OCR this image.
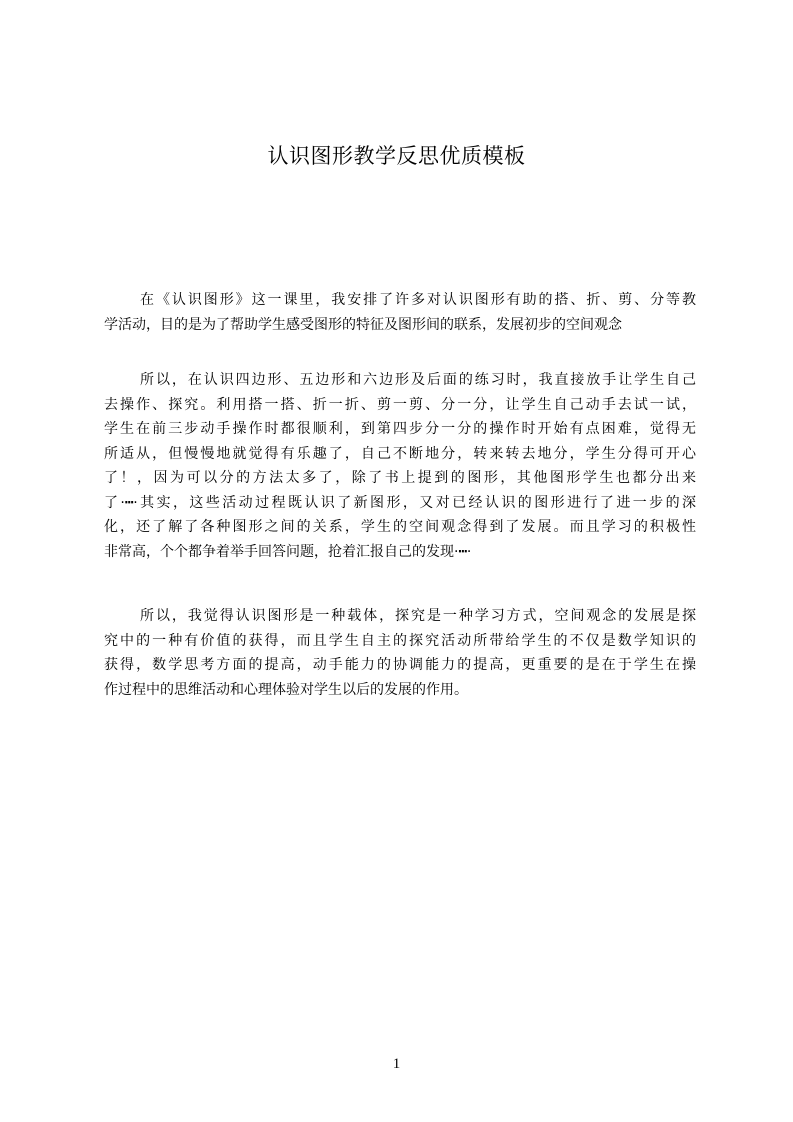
认识图形教学反思优质模板

在《认识图形》这一课里，我安排了许多对认识图形有助的搭、折、剪、分等教
学活动，目的是为了帮助学生感受图形的特征及图形间的联系，发展初步的空间观念

所以，在认识四边形、五边形和六边形及后面的练习时，我直接放手让学生自己
去操作、探究。利用搭一搭、折一折、剪一剪、分一分，让学生自己动手去试一试，
学生在前三步动手操作时都很顺利，到第四步分一分的操作时开始有点困难，觉得无
所适从，但慢慢地就觉得有乐趣了，自己不断地分，转来转去地分，学生分得可开心
了！，因为可以分的方法太多了，除了书上提到的图形，其他图形学生也都分出来
了·┅·其实，这些活动过程既认识了新图形，又对已经认识的图形进行了进一步的深
化，还了解了各种图形之间的关系，学生的空间观念得到了发展。而且学习的积极性
非常高，个个都争着举手回答问题，抢着汇报自己的发现·┅·

所以，我觉得认识图形是一种载体，探究是一种学习方式，空间观念的发展是探
究中的一种有价值的获得，而且学生自主的探究活动所带给学生的不仅是数学知识的
获得，数学思考方面的提高，动手能力的协调能力的提高，更重要的是在于学生在操
作过程中的思维活动和心理体验对学生以后的发展的作用。

1
